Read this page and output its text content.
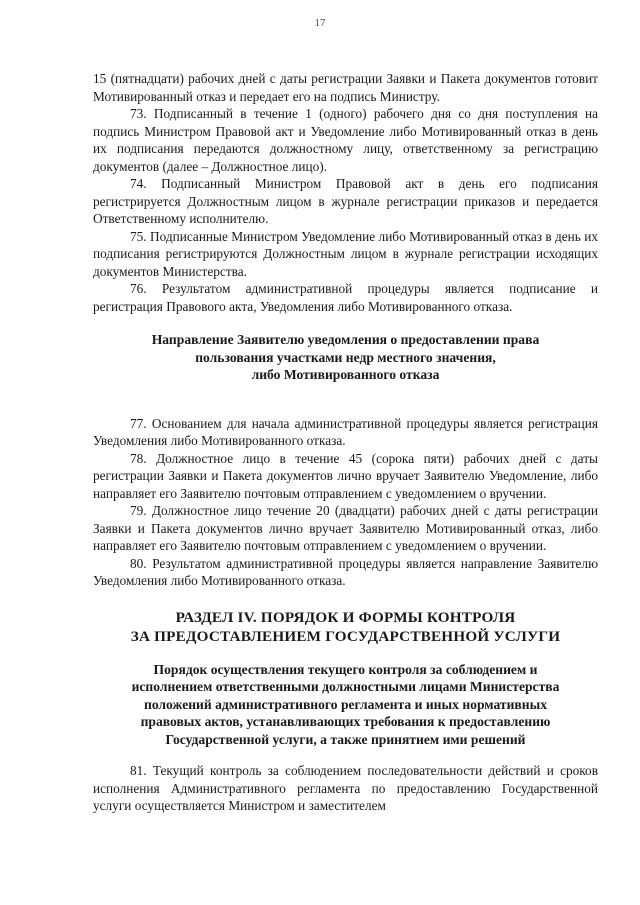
17

15 (пятнадцати) рабочих дней с даты регистрации Заявки и Пакета документов готовит Мотивированный отказ и передает его на подпись Министру.

73. Подписанный в течение 1 (одного) рабочего дня со дня поступления на подпись Министром Правовой акт и Уведомление либо Мотивированный отказ в день их подписания передаются должностному лицу, ответственному за регистрацию документов (далее – Должностное лицо).

74. Подписанный Министром Правовой акт в день его подписания регистрируется Должностным лицом в журнале регистрации приказов и передается Ответственному исполнителю.

75. Подписанные Министром Уведомление либо Мотивированный отказ в день их подписания регистрируются Должностным лицом в журнале регистрации исходящих документов Министерства.

76. Результатом административной процедуры является подписание и регистрация Правового акта, Уведомления либо Мотивированного отказа.

Направление Заявителю уведомления о предоставлении права

пользования участками недр местного значения,

либо Мотивированного отказа

77. Основанием для начала административной процедуры является регистрация Уведомления либо Мотивированного отказа.

78. Должностное лицо в течение 45 (сорока пяти) рабочих дней с даты регистрации Заявки и Пакета документов лично вручает Заявителю Уведомление, либо направляет его Заявителю почтовым отправлением с уведомлением о вручении.

79. Должностное лицо течение 20 (двадцати) рабочих дней с даты регистрации Заявки и Пакета документов лично вручает Заявителю Мотивированный отказ, либо направляет его Заявителю почтовым отправлением с уведомлением о вручении.

80. Результатом административной процедуры является направление Заявителю Уведомления либо Мотивированного отказа.

РАЗДЕЛ IV. ПОРЯДОК И ФОРМЫ КОНТРОЛЯ

ЗА ПРЕДОСТАВЛЕНИЕМ ГОСУДАРСТВЕННОЙ УСЛУГИ

Порядок осуществления текущего контроля за соблюдением и

исполнением ответственными должностными лицами Министерства

положений административного регламента и иных нормативных

правовых актов, устанавливающих требования к предоставлению

Государственной услуги, а также принятием ими решений

81. Текущий контроль за соблюдением последовательности действий и сроков исполнения Административного регламента по предоставлению Государственной услуги осуществляется Министром и заместителем
